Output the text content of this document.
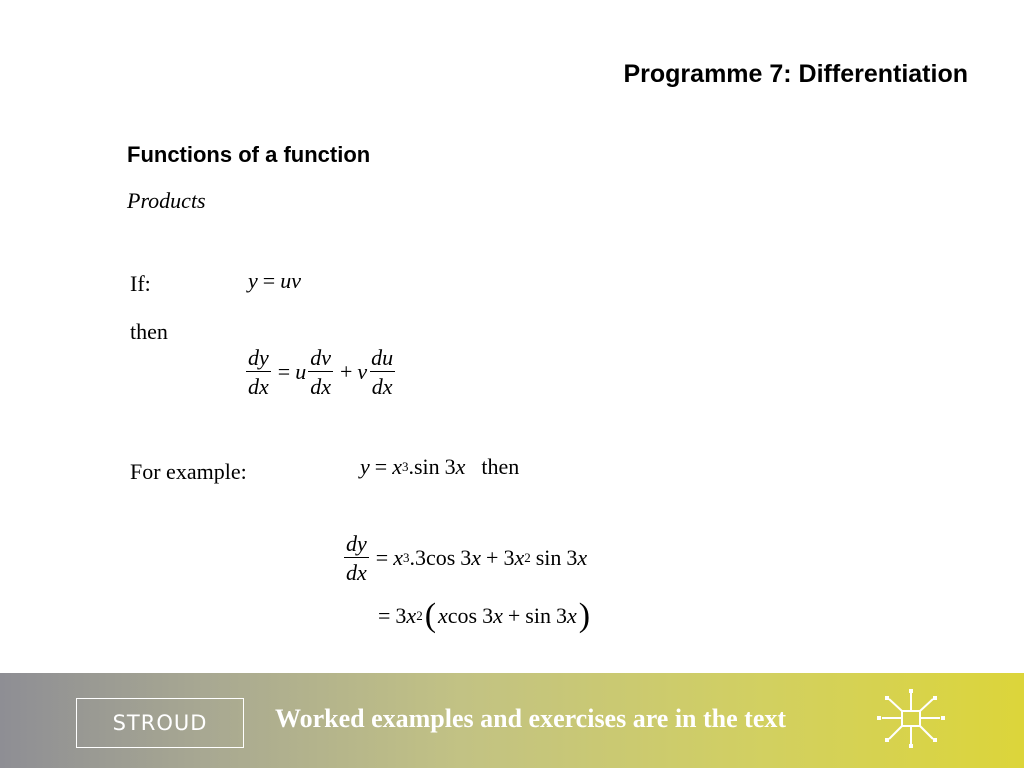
Programme 7: Differentiation
Functions of a function
Products
If:	y = uv
then
$\frac{dy}{dx} = u \frac{dv}{dx} + v \frac{du}{dx}$
For example:	y = x 3 .sin 3 x then
$\frac{dy}{dx} = x$ 3 .3cos 3 x + 3 x 2 sin 3 x
= 3 x 2 ( x cos 3 x + sin 3 x )
STROUD	Worked examples and exercises are in the text
